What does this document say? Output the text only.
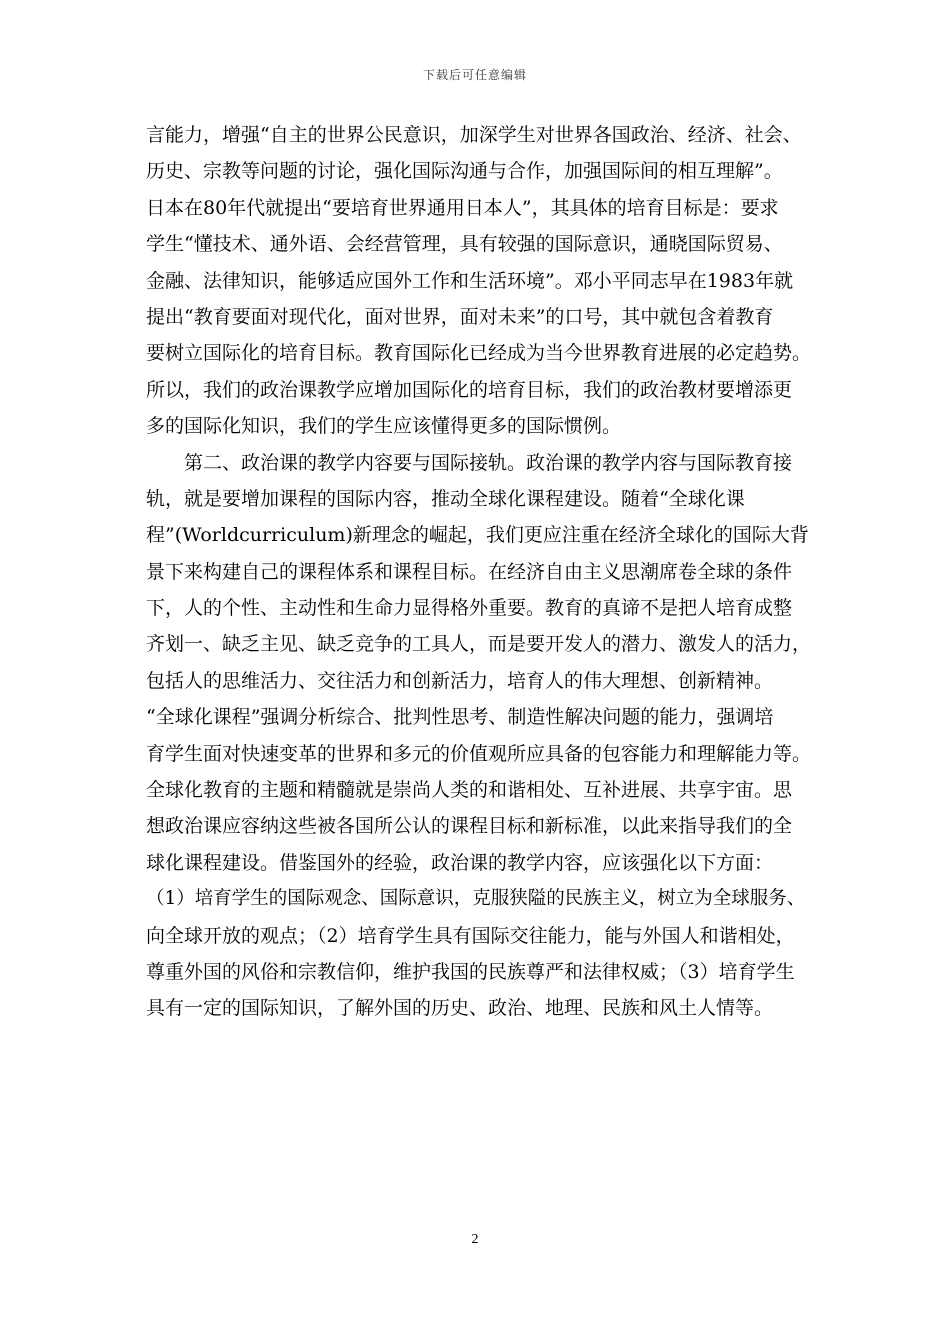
下载后可任意编辑
言能力，增强“自主的世界公民意识，加深学生对世界各国政治、经济、社会、
历史、宗教等问题的讨论，强化国际沟通与合作，加强国际间的相互理解”。
日本在80年代就提出“要培育世界通用日本人”，其具体的培育目标是：要求
学生“懂技术、通外语、会经营管理，具有较强的国际意识，通晓国际贸易、
金融、法律知识，能够适应国外工作和生活环境”。邓小平同志早在1983年就
提出“教育要面对现代化，面对世界，面对未来”的口号，其中就包含着教育
要树立国际化的培育目标。教育国际化已经成为当今世界教育进展的必定趋势。
所以，我们的政治课教学应增加国际化的培育目标，我们的政治教材要增添更
多的国际化知识，我们的学生应该懂得更多的国际惯例。
　　第二、政治课的教学内容要与国际接轨。政治课的教学内容与国际教育接
轨，就是要增加课程的国际内容，推动全球化课程建设。随着“全球化课
程”(Worldcurriculum)新理念的崛起，我们更应注重在经济全球化的国际大背
景下来构建自己的课程体系和课程目标。在经济自由主义思潮席卷全球的条件
下，人的个性、主动性和生命力显得格外重要。教育的真谛不是把人培育成整
齐划一、缺乏主见、缺乏竞争的工具人，而是要开发人的潜力、激发人的活力，
包括人的思维活力、交往活力和创新活力，培育人的伟大理想、创新精神。
“全球化课程”强调分析综合、批判性思考、制造性解决问题的能力，强调培
育学生面对快速变革的世界和多元的价值观所应具备的包容能力和理解能力等。
全球化教育的主题和精髓就是崇尚人类的和谐相处、互补进展、共享宇宙。思
想政治课应容纳这些被各国所公认的课程目标和新标准，以此来指导我们的全
球化课程建设。借鉴国外的经验，政治课的教学内容，应该强化以下方面：
（1）培育学生的国际观念、国际意识，克服狭隘的民族主义，树立为全球服务、
向全球开放的观点；（2）培育学生具有国际交往能力，能与外国人和谐相处，
尊重外国的风俗和宗教信仰，维护我国的民族尊严和法律权威；（3）培育学生
具有一定的国际知识，了解外国的历史、政治、地理、民族和风土人情等。
2
